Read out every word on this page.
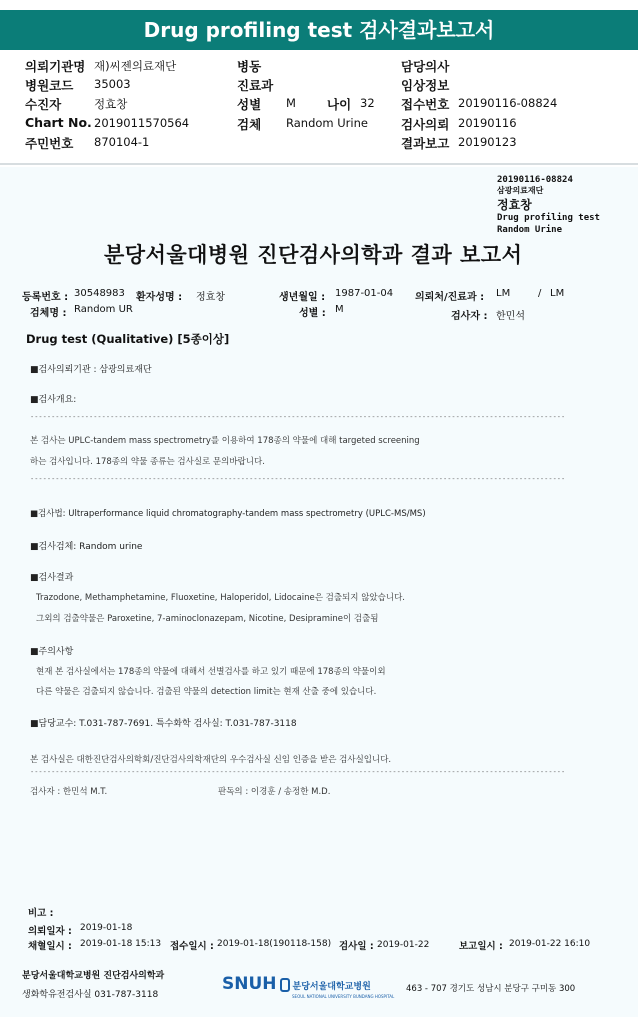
Drug profiling test 검사결과보고서
의뢰기관명 재)씨젠의료재단
병원코드 35003
수진자	정효창
Chart No. 2019011570564
주민번호 870104-1
병동
진료과
성별 M 나이 32
검체 Random Urine
담당의사
임상정보
접수번호 20190116-08824
검사의뢰 20190116
결과보고 20190123
20190116-08824
삼광의료재단
정효창
Drug profiling test
Random Urine
분당서울대병원 진단검사의학과 결과 보고서
등록번호 : 30548983 환자성명 : 정효창	생년월일 : 1987-01-04 의뢰처/진료과 : LM	/ LM
검체명 : Random UR	성별 : M
검사자 : 한민석
Drug test (Qualitative) [5종이상]
■검사의뢰기관 : 삼광의료재단
■검사개요:
-------------------------------------------------------------------------------------------------------------------------------
본 검사는 UPLC-tandem mass spectrometry를 이용하여 178종의 약물에 대해 targeted screening
하는 검사입니다. 178종의 약물 종류는 검사실로 문의바랍니다.
-------------------------------------------------------------------------------------------------------------------------------
■검사법: Ultraperformance liquid chromatography-tandem mass spectrometry (UPLC-MS/MS)
■검사검체: Random urine
■검사결과
Trazodone, Methamphetamine, Fluoxetine, Haloperidol, Lidocaine은 검출되지 않았습니다.
그외의 검출약물은 Paroxetine, 7-aminoclonazepam, Nicotine, Desipramine이 검출됨
■주의사항
현재 본 검사실에서는 178종의 약물에 대해서 선별검사를 하고 있기 때문에 178종의 약물이외
다른 약물은 검출되지 않습니다. 검출된 약물의 detection limit는 현재 산출 중에 있습니다.
■담당교수: T.031-787-7691. 특수화학 검사실: T.031-787-3118
본 검사실은 대한진단검사의학회/진단검사의학재단의 우수검사실 신임 인증을 받은 검사실입니다.
-------------------------------------------------------------------------------------------------------------------------------
검사자 : 한민석 M.T.	판독의 : 이경훈 / 송정한 M.D.
비고 :
의뢰일자 : 2019-01-18
채혈일시 : 2019-01-18 15:13 접수일시 : 2019-01-18(190118-158) 검사일 : 2019-01-22	보고일시 : 2019-01-22 16:10
분당서울대학교병원 진단검사의학과
생화학유전검사실 031-787-3118
SNUH 분당서울대학교병원
SEOUL NATIONAL UNIVERSITY BUNDANG HOSPITAL
463 - 707 경기도 성남시 분당구 구미동 300
